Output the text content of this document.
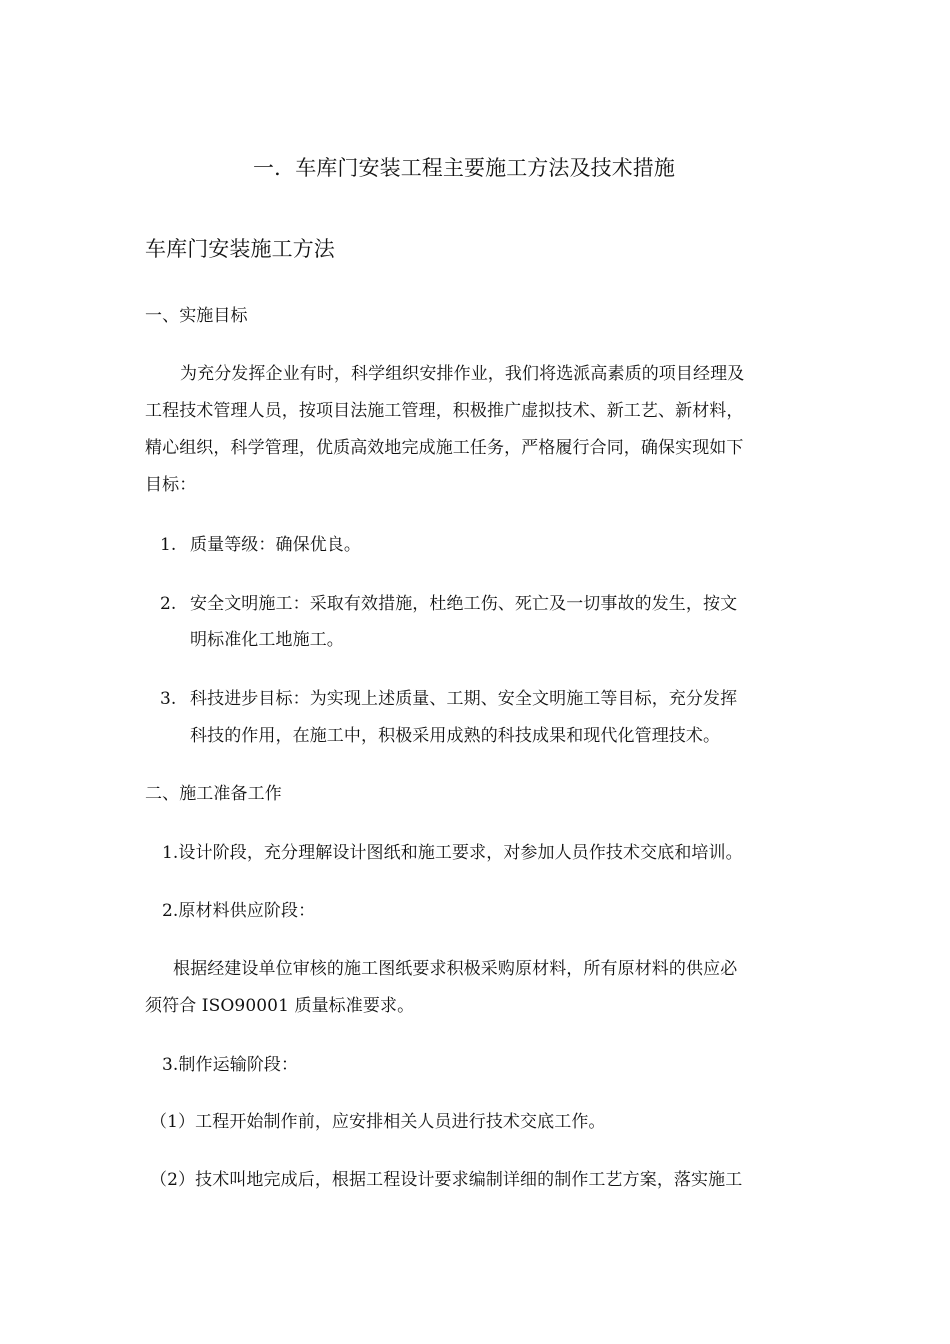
一．车库门安装工程主要施工方法及技术措施
车库门安装施工方法
一、实施目标
为充分发挥企业有时，科学组织安排作业，我们将选派高素质的项目经理及
工程技术管理人员，按项目法施工管理，积极推广虚拟技术、新工艺、新材料，
精心组织，科学管理，优质高效地完成施工任务，严格履行合同，确保实现如下
目标：
1. 质量等级：确保优良。
2. 安全文明施工：采取有效措施，杜绝工伤、死亡及一切事故的发生，按文
明标准化工地施工。
3. 科技进步目标：为实现上述质量、工期、安全文明施工等目标，充分发挥
科技的作用，在施工中，积极采用成熟的科技成果和现代化管理技术。
二、施工准备工作
1.设计阶段，充分理解设计图纸和施工要求，对参加人员作技术交底和培训。
2.原材料供应阶段：
根据经建设单位审核的施工图纸要求积极采购原材料，所有原材料的供应必
须符合 ISO90001 质量标准要求。
3.制作运输阶段：
（1）工程开始制作前，应安排相关人员进行技术交底工作。
（2）技术叫地完成后，根据工程设计要求编制详细的制作工艺方案，落实施工
